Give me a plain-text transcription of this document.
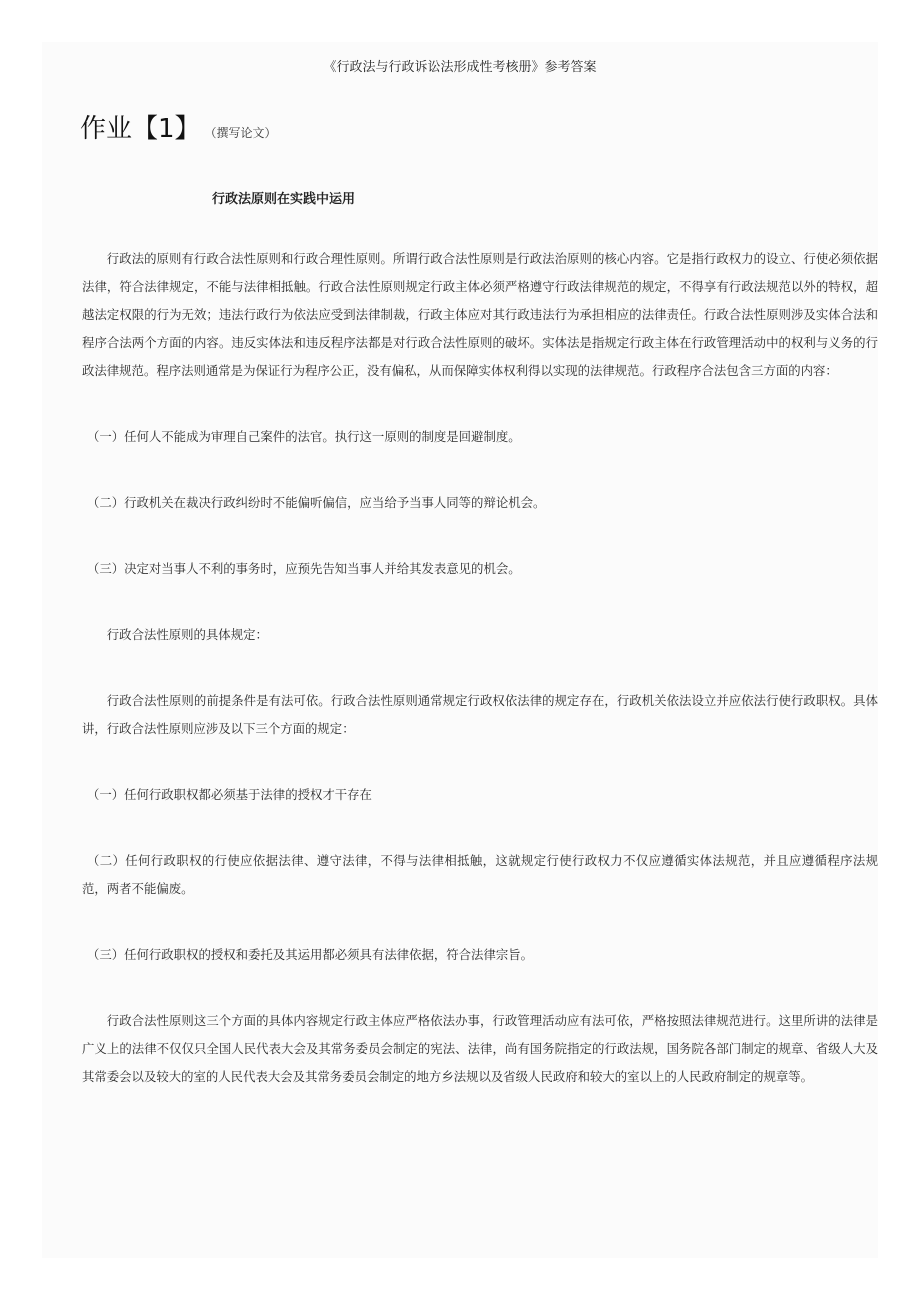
《行政法与行政诉讼法形成性考核册》参考答案
作业【1】 （撰写论文）
行政法原则在实践中运用

行政法的原则有行政合法性原则和行政合理性原则。所谓行政合法性原则是行政法治原则的核心内容。它是指行政权力的设立、行使必须依据法律，符合法律规定，不能与法律相抵触。行政合法性原则规定行政主体必须严格遵守行政法律规范的规定，不得享有行政法规范以外的特权，超越法定权限的行为无效；违法行政行为依法应受到法律制裁，行政主体应对其行政违法行为承担相应的法律责任。行政合法性原则涉及实体合法和程序合法两个方面的内容。违反实体法和违反程序法都是对行政合法性原则的破坏。实体法是指规定行政主体在行政管理活动中的权利与义务的行政法律规范。程序法则通常是为保证行为程序公正，没有偏私，从而保障实体权利得以实现的法律规范。行政程序合法包含三方面的内容：

（一）任何人不能成为审理自己案件的法官。执行这一原则的制度是回避制度。

（二）行政机关在裁决行政纠纷时不能偏听偏信，应当给予当事人同等的辩论机会。

（三）决定对当事人不利的事务时，应预先告知当事人并给其发表意见的机会。

行政合法性原则的具体规定：

行政合法性原则的前提条件是有法可依。行政合法性原则通常规定行政权依法律的规定存在，行政机关依法设立并应依法行使行政职权。具体讲，行政合法性原则应涉及以下三个方面的规定：

（一）任何行政职权都必须基于法律的授权才干存在

（二）任何行政职权的行使应依据法律、遵守法律，不得与法律相抵触，这就规定行使行政权力不仅应遵循实体法规范，并且应遵循程序法规范，两者不能偏废。

（三）任何行政职权的授权和委托及其运用都必须具有法律依据，符合法律宗旨。

行政合法性原则这三个方面的具体内容规定行政主体应严格依法办事，行政管理活动应有法可依，严格按照法律规范进行。这里所讲的法律是广义上的法律不仅仅只全国人民代表大会及其常务委员会制定的宪法、法律，尚有国务院指定的行政法规，国务院各部门制定的规章、省级人大及其常委会以及较大的室的人民代表大会及其常务委员会制定的地方乡法规以及省级人民政府和较大的室以上的人民政府制定的规章等。
